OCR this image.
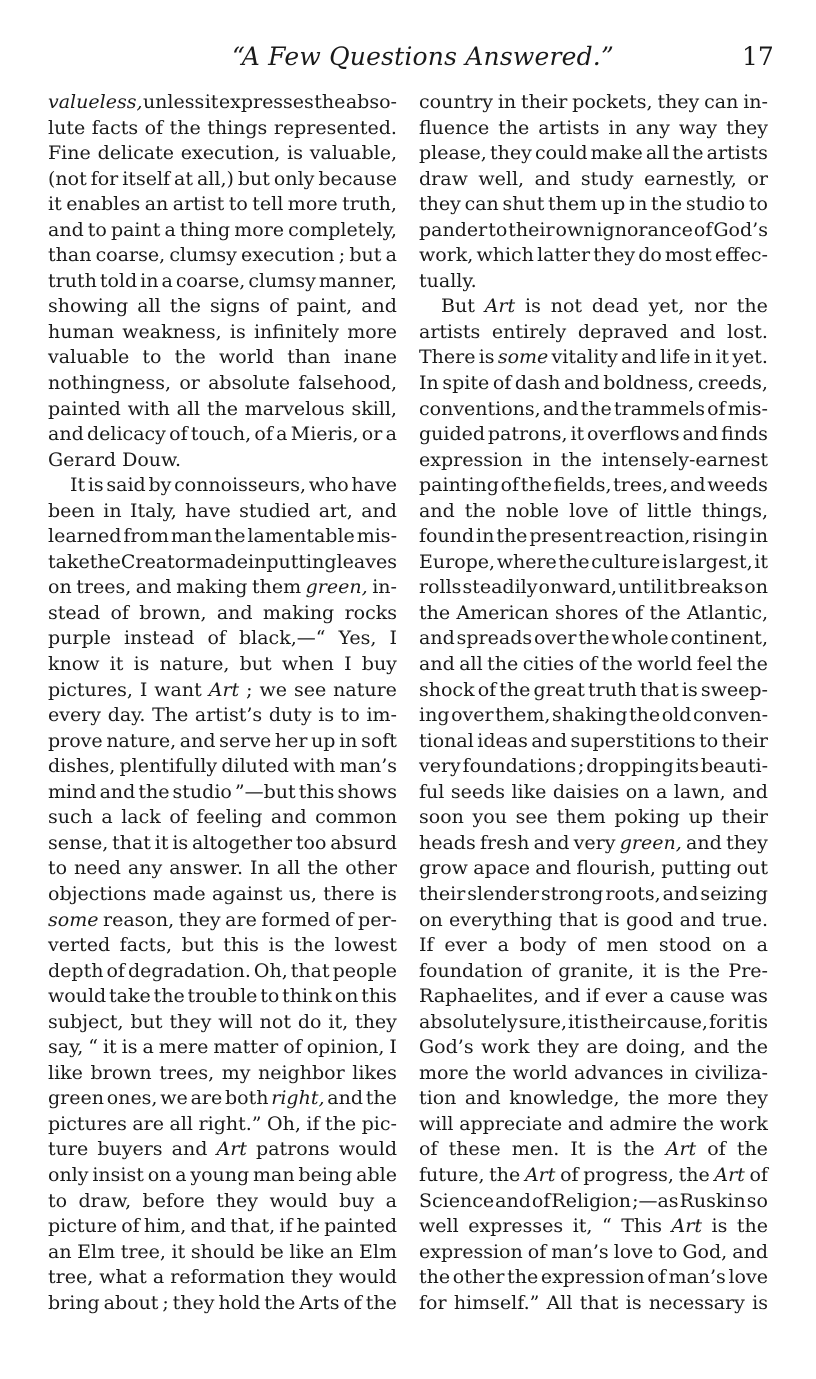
“A Few Questions Answered.”	17
valueless, unless it expresses the abso-
lute facts of the things represented.
Fine delicate execution, is valuable,
(not for itself at all,) but only because
it enables an artist to tell more truth,
and to paint a thing more completely,
than coarse, clumsy execution ; but a
truth told in a coarse, clumsy manner,
showing all the signs of paint, and
human weakness, is infinitely more
valuable to the world than inane
nothingness, or absolute falsehood,
painted with all the marvelous skill,
and delicacy of touch, of a Mieris, or a
Gerard Douw.
It is said by connoisseurs, who have
been in Italy, have studied art, and
learned from man the lamentable mis-
take the Creator made in putting leaves
on trees, and making them green, in-
stead of brown, and making rocks
purple instead of black,—“ Yes, I
know it is nature, but when I buy
pictures, I want Art ; we see nature
every day. The artist’s duty is to im-
prove nature, and serve her up in soft
dishes, plentifully diluted with man’s
mind and the studio ”—but this shows
such a lack of feeling and common
sense, that it is altogether too absurd
to need any answer. In all the other
objections made against us, there is
some reason, they are formed of per-
verted facts, but this is the lowest
depth of degradation. Oh, that people
would take the trouble to think on this
subject, but they will not do it, they
say, “ it is a mere matter of opinion, I
like brown trees, my neighbor likes
green ones, we are both right, and the
pictures are all right.” Oh, if the pic-
ture buyers and Art patrons would
only insist on a young man being able
to draw, before they would buy a
picture of him, and that, if he painted
an Elm tree, it should be like an Elm
tree, what a reformation they would
bring about ; they hold the Arts of the
country in their pockets, they can in-
fluence the artists in any way they
please, they could make all the artists
draw well, and study earnestly, or
they can shut them up in the studio to
pander to their own ignorance of God’s
work, which latter they do most effec-
tually.
But Art is not dead yet, nor the
artists entirely depraved and lost.
There is some vitality and life in it yet.
In spite of dash and boldness, creeds,
conventions, and the trammels of mis-
guided patrons, it overflows and finds
expression in the intensely-earnest
painting of the fields, trees, and weeds
and the noble love of little things,
found in the present reaction, rising in
Europe, where the culture is largest, it
rolls steadily onward, until it breaks on
the American shores of the Atlantic,
and spreads over the whole continent,
and all the cities of the world feel the
shock of the great truth that is sweep-
ing over them, shaking the old conven-
tional ideas and superstitions to their
very foundations ; dropping its beauti-
ful seeds like daisies on a lawn, and
soon you see them poking up their
heads fresh and very green, and they
grow apace and flourish, putting out
their slender strong roots, and seizing
on everything that is good and true.
If ever a body of men stood on a
foundation of granite, it is the Pre-
Raphaelites, and if ever a cause was
absolutely sure, it is their cause, for it is
God’s work they are doing, and the
more the world advances in civiliza-
tion and knowledge, the more they
will appreciate and admire the work
of these men. It is the Art of the
future, the Art of progress, the Art of
Science and of Religion ;—as Ruskin so
well expresses it, “ This Art is the
expression of man’s love to God, and
the other the expression of man’s love
for himself.” All that is necessary is
